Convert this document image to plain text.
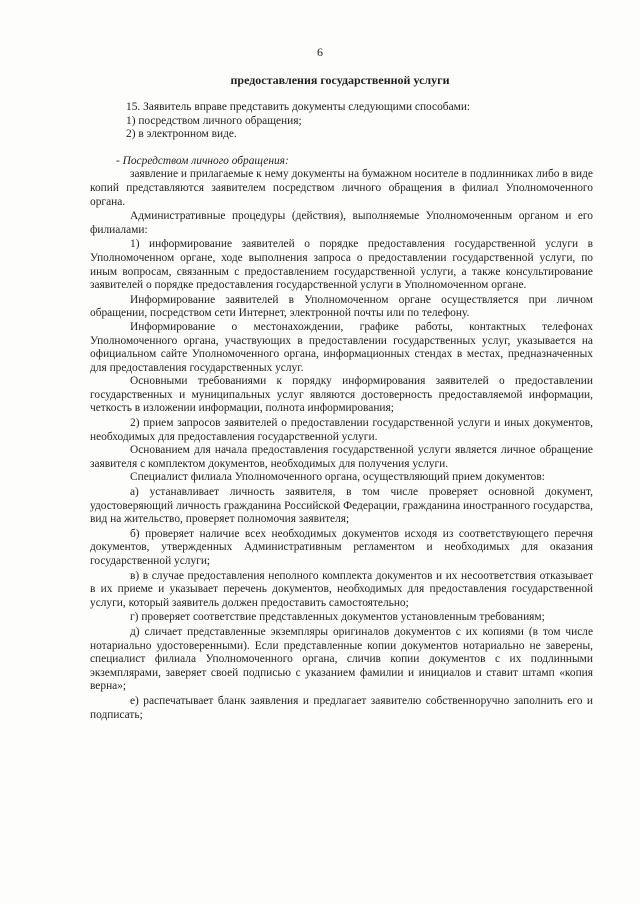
6
предоставления государственной услуги

15. Заявитель вправе представить документы следующими способами:

1) посредством личного обращения;

2) в электронном виде.

- Посредством личного обращения:

заявление и прилагаемые к нему документы на бумажном носителе в подлинниках либо в виде копий представляются заявителем посредством личного обращения в филиал Уполномоченного органа.

Административные процедуры (действия), выполняемые Уполномоченным органом и его филиалами:

1) информирование заявителей о порядке предоставления государственной услуги в Уполномоченном органе, ходе выполнения запроса о предоставлении государственной услуги, по иным вопросам, связанным с предоставлением государственной услуги, а также консультирование заявителей о порядке предоставления государственной услуги в Уполномоченном органе.

Информирование заявителей в Уполномоченном органе осуществляется при личном обращении, посредством сети Интернет, электронной почты или по телефону.

Информирование о местонахождении, графике работы, контактных телефонах Уполномоченного органа, участвующих в предоставлении государственных услуг, указывается на официальном сайте Уполномоченного органа, информационных стендах в местах, предназначенных для предоставления государственных услуг.

Основными требованиями к порядку информирования заявителей о предоставлении государственных и муниципальных услуг являются достоверность предоставляемой информации, четкость в изложении информации, полнота информирования;

2) прием запросов заявителей о предоставлении государственной услуги и иных документов, необходимых для предоставления государственной услуги.

Основанием для начала предоставления государственной услуги является личное обращение заявителя с комплектом документов, необходимых для получения услуги.

Специалист филиала Уполномоченного органа, осуществляющий прием документов:

а) устанавливает личность заявителя, в том числе проверяет основной документ, удостоверяющий личность гражданина Российской Федерации, гражданина иностранного государства, вид на жительство, проверяет полномочия заявителя;

б) проверяет наличие всех необходимых документов исходя из соответствующего перечня документов, утвержденных Административным регламентом и необходимых для оказания государственной услуги;

в) в случае предоставления неполного комплекта документов и их несоответствия отказывает в их приеме и указывает перечень документов, необходимых для предоставления государственной услуги, который заявитель должен предоставить самостоятельно;

г) проверяет соответствие представленных документов установленным требованиям;

д) сличает представленные экземпляры оригиналов документов с их копиями (в том числе нотариально удостоверенными). Если представленные копии документов нотариально не заверены, специалист филиала Уполномоченного органа, сличив копии документов с их подлинными экземплярами, заверяет своей подписью с указанием фамилии и инициалов и ставит штамп «копия верна»;

е) распечатывает бланк заявления и предлагает заявителю собственноручно заполнить его и подписать;
